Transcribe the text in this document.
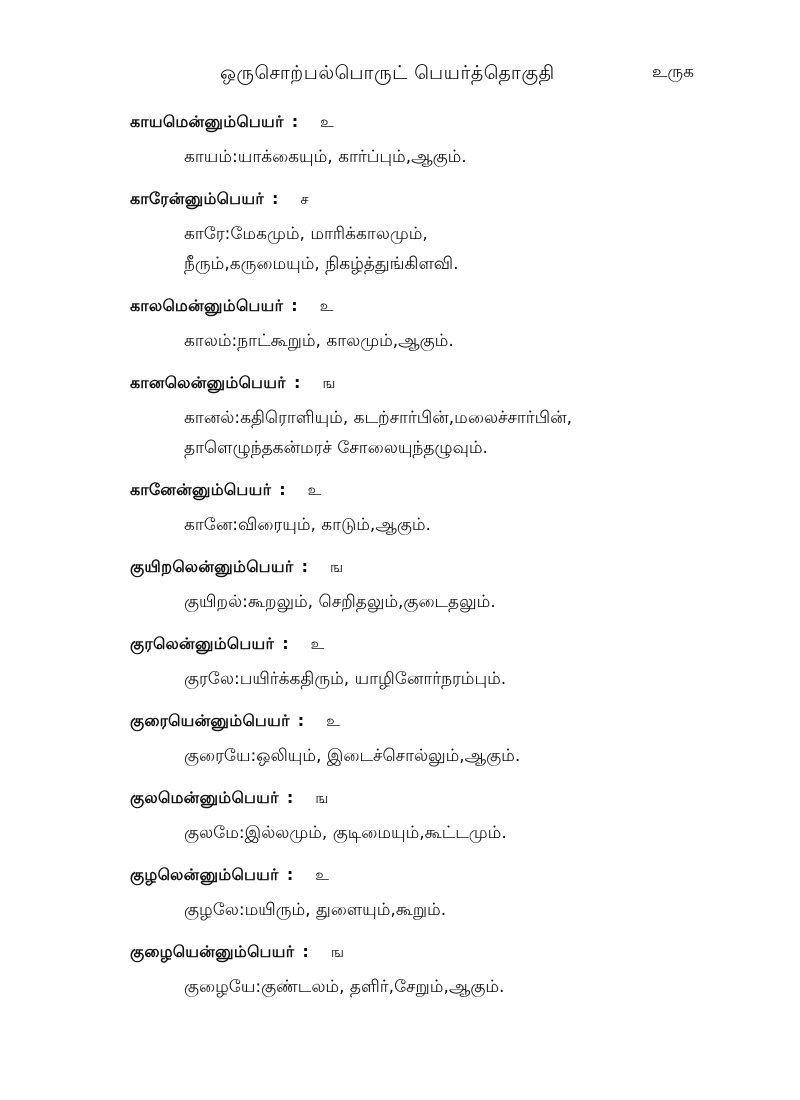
ஒருசொற்பல்பொருட் பெயர்த்தொகுதி	உருக
காயமென்னும்பெயர் : உ
காயம்:யாக்கையும், கார்ப்பும்,ஆகும்.
காரேன்னும்பெயர் : ச
காரே:மேகமும், மாரிக்காலமும்,
நீரும்,கருமையும், நிகழ்த்துங்கிளவி.
காலமென்னும்பெயர் : உ
காலம்:நாட்கூறும், காலமும்,ஆகும்.
கானலென்னும்பெயர் : ங
கானல்:கதிரொளியும், கடற்சார்பின்,மலைச்சார்பின்,
தாளெழுந்தகன்மரச் சோலையுந்தழுவும்.
கானேன்னும்பெயர் : உ
கானே:விரையும், காடும்,ஆகும்.
குயிறலென்னும்பெயர் : ங
குயிறல்:கூறலும், செறிதலும்,குடைதலும்.
குரலென்னும்பெயர் : உ
குரலே:பயிர்க்கதிரும், யாழினோர்நரம்பும்.
குரையென்னும்பெயர் : உ
குரையே:ஒலியும், இடைச்சொல்லும்,ஆகும்.
குலமென்னும்பெயர் : ங
குலமே:இல்லமும், குடிமையும்,கூட்டமும்.
குழலென்னும்பெயர் : உ
குழலே:மயிரும், துளையும்,கூறும்.
குழையென்னும்பெயர் : ங
குழையே:குண்டலம், தளிர்,சேறும்,ஆகும்.
